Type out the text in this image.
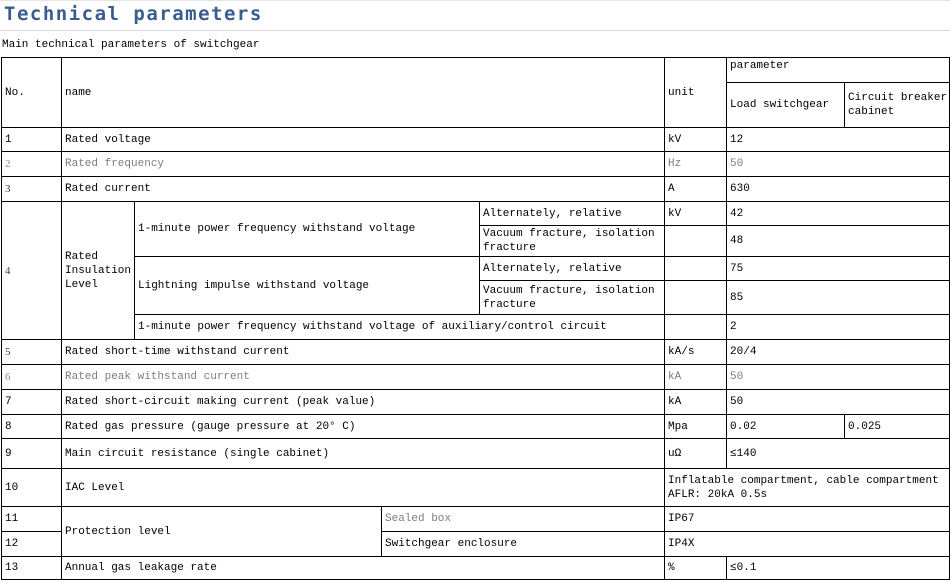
Technical parameters
Main technical parameters of switchgear
No.	name				unit	parameter	
						Load switchgear	Circuit breaker cabinet
1	Rated voltage				kV	12	
2	Rated frequency				Hz	50	
3	Rated current				A	630	
4	Rated Insulation Level	1-minute power frequency withstand voltage		Alternately, relative	kV	42	
				Vacuum fracture, isolation fracture		48	
		Lightning impulse withstand voltage		Alternately, relative		75	
				Vacuum fracture, isolation fracture		85	
		1-minute power frequency withstand voltage of auxiliary/control circuit				2	
5	Rated short-time withstand current				kA/s	20/4	
6	Rated peak withstand current				kA	50	
7	Rated short-circuit making current (peak value)				kA	50	
8	Rated gas pressure (gauge pressure at 20° C)				Mpa	0.02	0.025
9	Main circuit resistance (single cabinet)				uΩ	≤140	
10	IAC Level				Inflatable compartment, cable compartment
AFLR: 20kA 0.5s		

11	Protection level		Sealed box		IP67		
12			Switchgear enclosure		IP4X		
13	Annual gas leakage rate				%	≤0.1	
